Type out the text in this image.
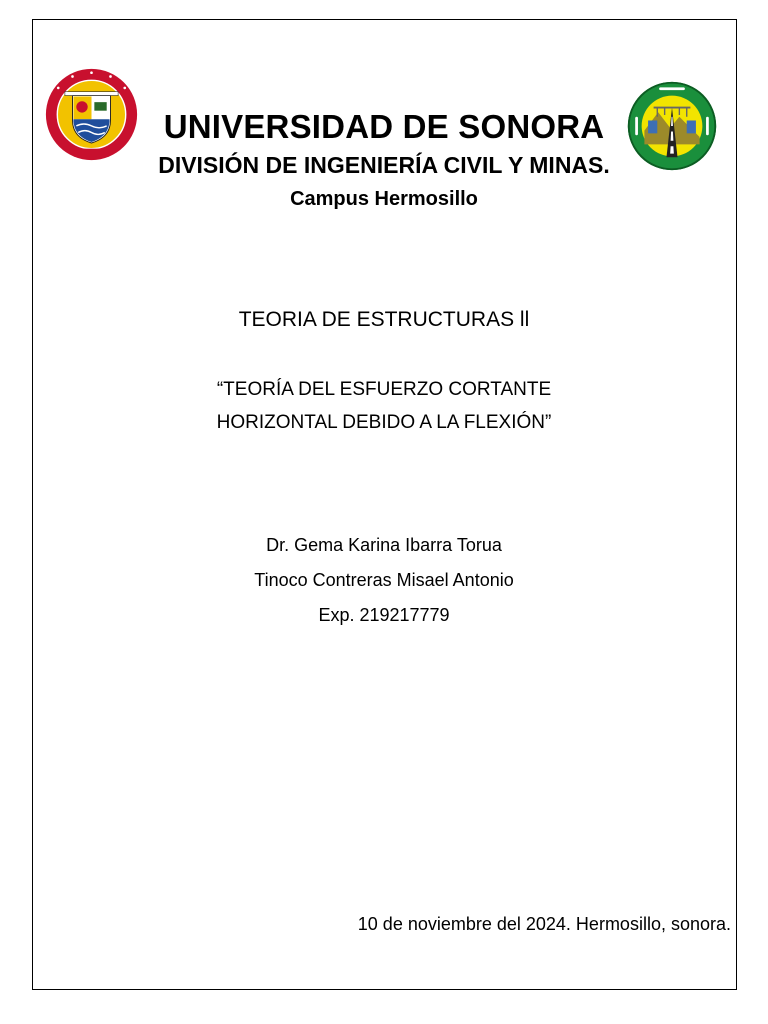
UNIVERSIDAD DE SONORA
DIVISIÓN DE INGENIERÍA CIVIL Y MINAS.
Campus Hermosillo
TEORIA DE ESTRUCTURAS ll
“TEORÍA DEL ESFUERZO CORTANTE
HORIZONTAL DEBIDO A LA FLEXIÓN”
Dr. Gema Karina Ibarra Torua
Tinoco Contreras Misael Antonio
Exp. 219217779
10 de noviembre del 2024. Hermosillo, sonora.
